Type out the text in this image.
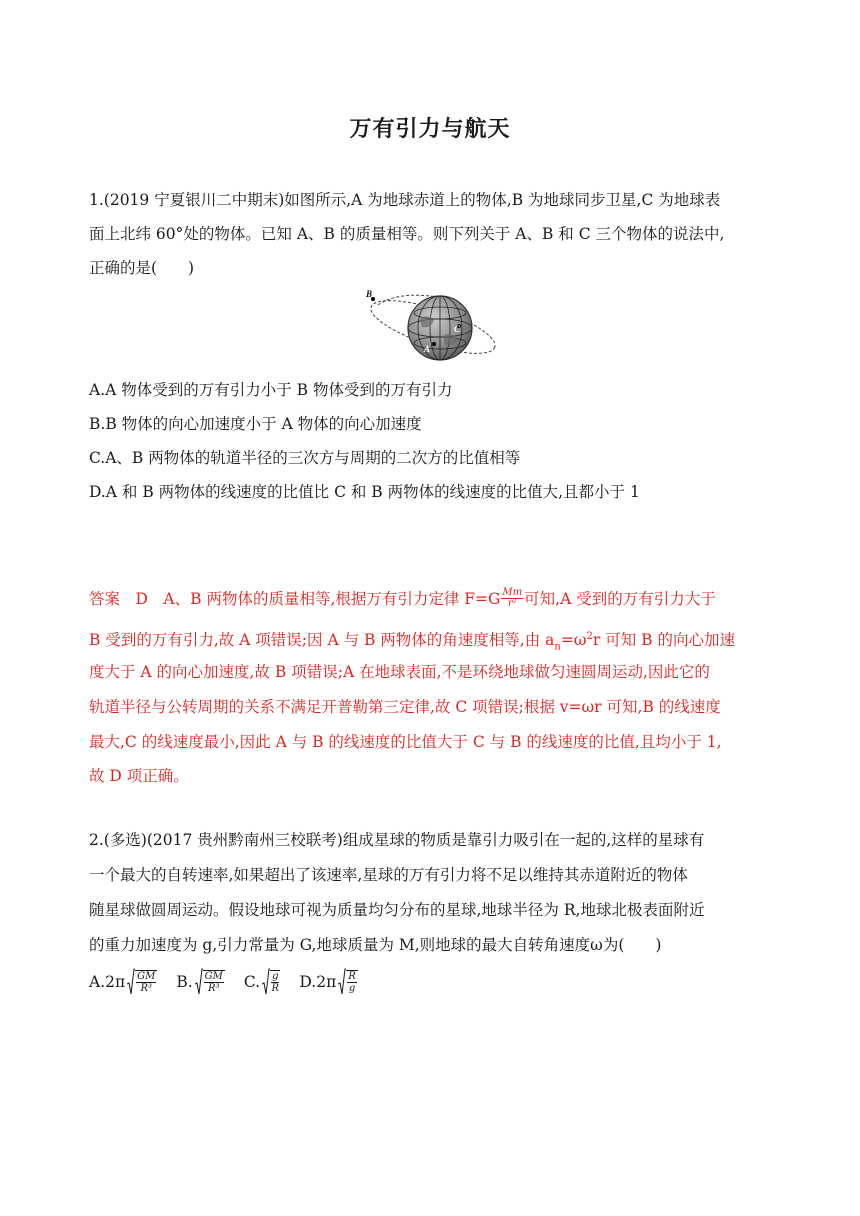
万有引力与航天
1.(2019 宁夏银川二中期末)如图所示,A 为地球赤道上的物体,B 为地球同步卫星,C 为地球表
面上北纬 60°处的物体。已知 A、B 的质量相等。则下列关于 A、B 和 C 三个物体的说法中,
正确的是(　　)
B
C
A
A.A 物体受到的万有引力小于 B 物体受到的万有引力
B.B 物体的向心加速度小于 A 物体的向心加速度
C.A、B 两物体的轨道半径的三次方与周期的二次方的比值相等
D.A 和 B 两物体的线速度的比值比 C 和 B 两物体的线速度的比值大,且都小于 1
答案　D　A、B 两物体的质量相等,根据万有引力定律 $F=G \frac{Mm}{\text{r²}}$ 可知,A 受到的万有引力大于
B 受到的万有引力,故 A 项错误;因 A 与 B 两物体的角速度相等,由 $a_n=\omega^2r$ 可知 B 的向心加速
度大于 A 的向心加速度,故 B 项错误;A 在地球表面,不是环绕地球做匀速圆周运动,因此它的
轨道半径与公转周期的关系不满足开普勒第三定律,故 C 项错误;根据 v=ωr 可知,B 的线速度
最大,C 的线速度最小,因此 A 与 B 的线速度的比值大于 C 与 B 的线速度的比值,且均小于 1,
故 D 项正确。
2.(多选)(2017 贵州黔南州三校联考)组成星球的物质是靠引力吸引在一起的,这样的星球有
一个最大的自转速率,如果超出了该速率,星球的万有引力将不足以维持其赤道附近的物体
随星球做圆周运动。假设地球可视为质量均匀分布的星球,地球半径为 R,地球北极表面附近
的重力加速度为 g,引力常量为 G,地球质量为 M,则地球的最大自转角速度ω为(　　)
$A.2\pi \frac{GM}{\text{R³}}$
B. $\frac{GM}{\text{R³}}$
C. $\frac{g}{R}$
$D.2\pi \frac{R}{g}$
